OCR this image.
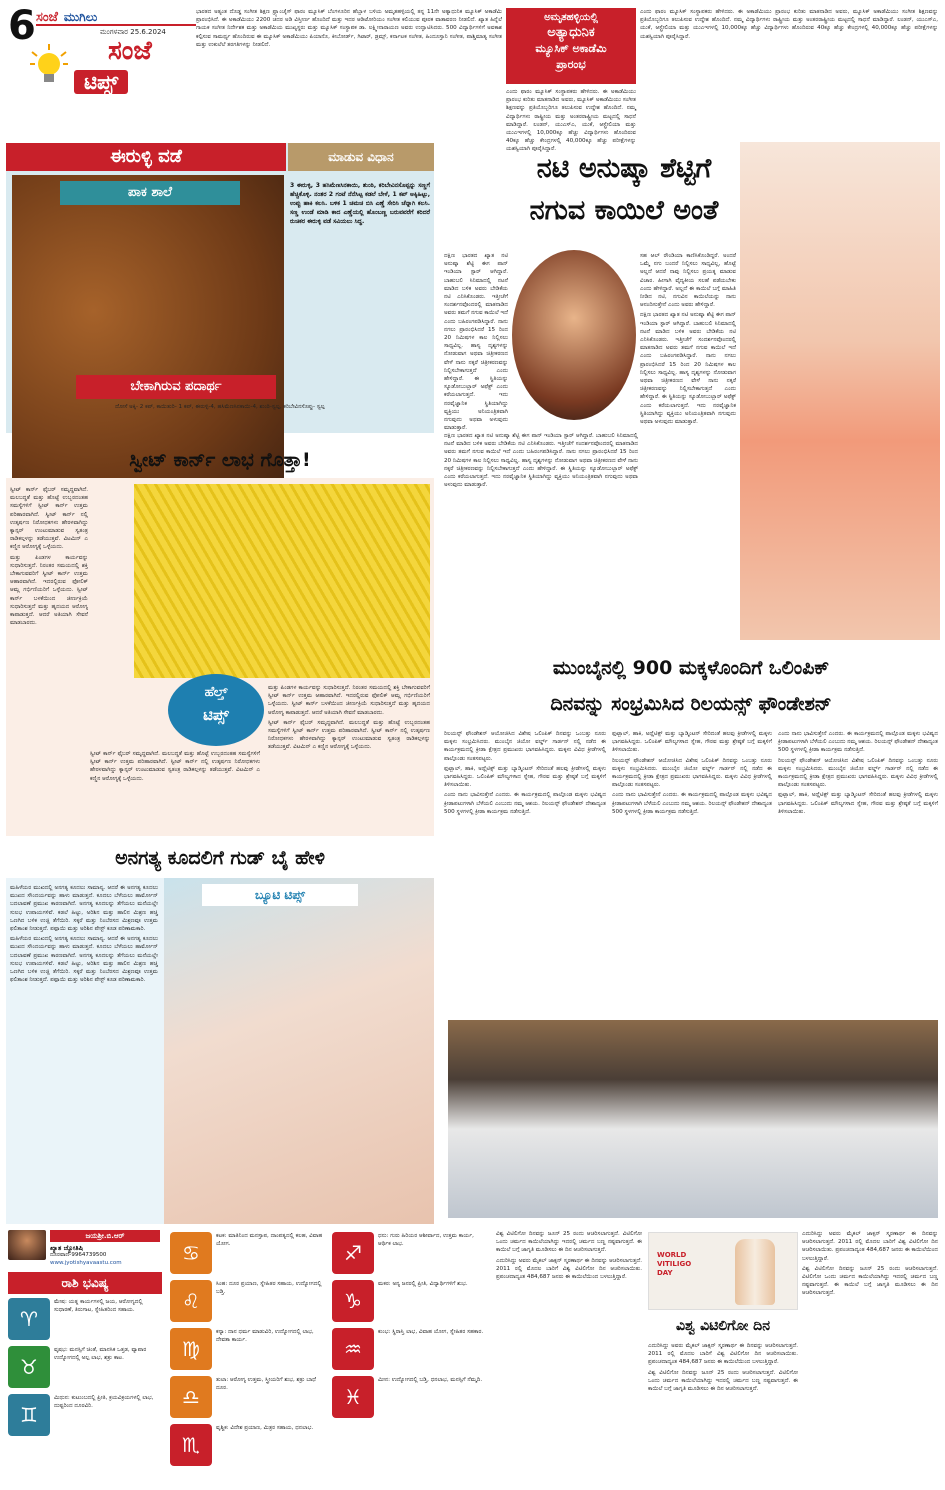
6 ಸಂಜೆ ಮುಗಿಲು
ಮಂಗಳವಾರ 25.6.2024
ಸಂಜೆ
ಟಿಪ್ಸ್

ಭಾರತದ ಅತ್ಯಂತ ದೊಡ್ಡ ಸಂಗೀತ ಶಿಕ್ಷಣ ಫ್ರ್ಯಾಂಚೈಸ್ ಫಾರಂ ಮ್ಯೂಸಿಕ್ ಬೆಂಗಳೂರಿನ ಹೆಬ್ಬಾಳ ಬಳಿಯ ಅಮೃತಹಳ್ಳಿಯಲ್ಲಿ ತನ್ನ 11ನೇ ಅತ್ಯಾಧುನಿಕ ಮ್ಯೂಸಿಕ್ ಅಕಾಡೆಮಿ ಪ್ರಾರಂಭಿಸಿದೆ. ಈ ಅಕಾಡೆಮಿಯು 2200 ಚದರ ಅಡಿ ವಿಸ್ತೀರ್ಣ ಹೊಂದಿದೆ ಮತ್ತು ಇದರ ಆಡಿಟೋರಿಯಂ ಸಂಗೀತ ಕಲಿಯುವ ಪೂರಕ ವಾತಾವರಣ ನೀಡಲಿದೆ. ಖ್ಯಾತ ಹಿನ್ನೆಲೆ ಗಾಯಕ ಸಂಗೀತ ನಿರ್ದೇಶಕ ಮತ್ತು ಅಕಾಡೆಮಿಯ ಮುಖ್ಯಸ್ಥರು ಮತ್ತು ಮ್ಯೂಸಿಕ್ ಸಂಸ್ಥಾಪಕ ಡಾ. ಲಕ್ಷ್ಮೀನಾರಾಯಣ ಅವರು ಉದ್ಘಾಟಿಸಿದರು. 500 ವಿದ್ಯಾರ್ಥಿಗಳಿಗೆ ಅವಕಾಶ ಕಲ್ಪಿಸುವ ಸಾಮರ್ಥ್ಯ ಹೊಂದಿರುವ ಈ ಮ್ಯೂಸಿಕ್ ಅಕಾಡೆಮಿಯು ಪಿಯಾನೊ, ಕೀಬೋರ್ಡ್, ಗಿಟಾರ್, ಡ್ರಮ್ಸ್, ಕರ್ನಾಟಕ ಸಂಗೀತ, ಹಿಂದೂಸ್ತಾನಿ ಸಂಗೀತ, ಪಾಶ್ಚಿಮಾತ್ಯ ಸಂಗೀತ ಮತ್ತು ಉಕುಲೆಲೆ ತರಗತಿಗಳನ್ನು ನೀಡಲಿದೆ.

ಅಮೃತಹಳ್ಳಿಯಲ್ಲಿ
ಅತ್ಯಾಧುನಿಕ
ಮ್ಯೂಸಿಕ್ ಅಕಾಡೆಮಿ
ಪ್ರಾರಂಭ

ಎಂದು ಫಾರಂ ಮ್ಯೂಸಿಕ್ ಸಂಸ್ಥಾಪಕರು ಹೇಳಿದರು. ಈ ಅಕಾಡೆಮಿಯು ಪ್ರಾರಂಭ ಕುರಿತು ಮಾತನಾಡಿದ ಅವರು, ಮ್ಯೂಸಿಕ್ ಅಕಾಡೆಮಿಯು ಸಂಗೀತ ಶಿಕ್ಷಣವನ್ನು ಪ್ರತಿಯೊಬ್ಬರಿಗೂ ತಲುಪಿಸುವ ಉದ್ದೇಶ ಹೊಂದಿದೆ. ನಮ್ಮ ವಿದ್ಯಾರ್ಥಿಗಳು ರಾಷ್ಟ್ರೀಯ ಮತ್ತು ಅಂತರರಾಷ್ಟ್ರೀಯ ಮಟ್ಟದಲ್ಲಿ ಸಾಧನೆ ಮಾಡಿದ್ದಾರೆ. ಲಂಡನ್, ಯುಎಸ್ಎ, ಯುಕೆ, ಆಸ್ಟ್ರೇಲಿಯಾ ಮತ್ತು ಯುಎಇಗಳಲ್ಲಿ 10,000ಕ್ಕೂ ಹೆಚ್ಚು ವಿದ್ಯಾರ್ಥಿಗಳು ಹೊಂದಿರುವ 40ಕ್ಕೂ ಹೆಚ್ಚು ಕೇಂದ್ರಗಳಲ್ಲಿ 40,000ಕ್ಕೂ ಹೆಚ್ಚು ಪರೀಕ್ಷೆಗಳನ್ನು ಯಶಸ್ವಿಯಾಗಿ ಪೂರೈಸಿದ್ದಾರೆ.

ಎಂದು ಫಾರಂ ಮ್ಯೂಸಿಕ್ ಸಂಸ್ಥಾಪಕರು ಹೇಳಿದರು. ಈ ಅಕಾಡೆಮಿಯು ಪ್ರಾರಂಭ ಕುರಿತು ಮಾತನಾಡಿದ ಅವರು, ಮ್ಯೂಸಿಕ್ ಅಕಾಡೆಮಿಯು ಸಂಗೀತ ಶಿಕ್ಷಣವನ್ನು ಪ್ರತಿಯೊಬ್ಬರಿಗೂ ತಲುಪಿಸುವ ಉದ್ದೇಶ ಹೊಂದಿದೆ. ನಮ್ಮ ವಿದ್ಯಾರ್ಥಿಗಳು ರಾಷ್ಟ್ರೀಯ ಮತ್ತು ಅಂತರರಾಷ್ಟ್ರೀಯ ಮಟ್ಟದಲ್ಲಿ ಸಾಧನೆ ಮಾಡಿದ್ದಾರೆ. ಲಂಡನ್, ಯುಎಸ್ಎ, ಯುಕೆ, ಆಸ್ಟ್ರೇಲಿಯಾ ಮತ್ತು ಯುಎಇಗಳಲ್ಲಿ 10,000ಕ್ಕೂ ಹೆಚ್ಚು ವಿದ್ಯಾರ್ಥಿಗಳು ಹೊಂದಿರುವ 40ಕ್ಕೂ ಹೆಚ್ಚು ಕೇಂದ್ರಗಳಲ್ಲಿ 40,000ಕ್ಕೂ ಹೆಚ್ಚು ಪರೀಕ್ಷೆಗಳನ್ನು ಯಶಸ್ವಿಯಾಗಿ ಪೂರೈಸಿದ್ದಾರೆ.

ಈರುಳ್ಳಿ ವಡೆ	ಮಾಡುವ ವಿಧಾನ
ಪಾಕ ಶಾಲೆ	3 ಈರುಳ್ಳಿ, 3 ಹಸಿಮೆಣಸಿನಕಾಯಿ, ಶುಂಠಿ, ಕರಿಬೇವಿನಸೊಪ್ಪನ್ನು ಸಣ್ಣಗೆ ಹೆಚ್ಚಿಕೊಳ್ಳಿ. ನಂತರ 2 ಗಂಟೆ ನೆನೆಸಿಟ್ಟ ಕಡಲೆ ಬೇಳೆ, 1 ಕಪ್ ಅಕ್ಕಿಹಿಟ್ಟು, ಉಪ್ಪು ಹಾಕಿ ಕಲಸಿ. ಬಳಿಕ 1 ಚಮಚ ಬಿಸಿ ಎಣ್ಣೆ ಸೇರಿಸಿ ಚೆನ್ನಾಗಿ ಕಲಸಿ. ಸಣ್ಣ ಉಂಡೆ ಮಾಡಿ ಕಾದ ಎಣ್ಣೆಯಲ್ಲಿ ಹೊಂಬಣ್ಣ ಬರುವವರೆಗೆ ಕರಿದರೆ ರುಚಿಕರ ಈರುಳ್ಳಿ ವಡೆ ಸವಿಯಲು ಸಿದ್ಧ.

ಬೇಕಾಗಿರುವ ಪದಾರ್ಥ

ದೋಸೆ ಅಕ್ಕಿ- 2 ಕಪ್, ಕಾಯಿತುರಿ- 1 ಕಪ್, ಈರುಳ್ಳಿ-4, ಹಸಿಮೆಣಸಿನಕಾಯಿ-4, ಶುಂಠಿ-ಸ್ವಲ್ಪ, ಕರಿಬೇವಿನಸೊಪ್ಪು- ಸ್ವಲ್ಪ

ನಟಿ ಅನುಷ್ಕಾ ಶೆಟ್ಟಿಗೆ
ನಗುವ ಕಾಯಿಲೆ ಅಂತೆ

ದಕ್ಷಿಣ ಭಾರತದ ಖ್ಯಾತ ನಟಿ ಅನುಷ್ಕಾ ಶೆಟ್ಟಿ ಈಗ ಪಾನ್ ಇಂಡಿಯಾ ಸ್ಟಾರ್ ಆಗಿದ್ದಾರೆ. ಬಾಹುಬಲಿ ಸಿನಿಮಾದಲ್ಲಿ ನಟನೆ ಮಾಡಿದ ಬಳಿಕ ಅವರು ಬೇಡಿಕೆಯ ನಟಿ ಎನಿಸಿಕೊಂಡರು. ಇತ್ತೀಚೆಗೆ ಸಂದರ್ಶನವೊಂದರಲ್ಲಿ ಮಾತನಾಡಿದ ಅವರು ತಮಗೆ ನಗುವ ಕಾಯಿಲೆ ಇದೆ ಎಂದು ಬಹಿರಂಗಪಡಿಸಿದ್ದಾರೆ. ನಾನು ನಗಲು ಪ್ರಾರಂಭಿಸಿದರೆ 15 ರಿಂದ 20 ನಿಮಿಷಗಳ ಕಾಲ ನಿಲ್ಲಿಸಲು ಸಾಧ್ಯವಿಲ್ಲ. ಹಾಸ್ಯ ದೃಶ್ಯಗಳನ್ನು ನೋಡುವಾಗ ಅಥವಾ ಚಿತ್ರೀಕರಣದ ವೇಳೆ ನಾನು ನಕ್ಕರೆ ಚಿತ್ರೀಕರಣವನ್ನು ನಿಲ್ಲಿಸಬೇಕಾಗುತ್ತದೆ ಎಂದು ಹೇಳಿದ್ದಾರೆ. ಈ ಸ್ಥಿತಿಯನ್ನು ಸ್ಯೂಡೋಬುಲ್ಬಾರ್ ಅಫೆಕ್ಟ್ ಎಂದು ಕರೆಯಲಾಗುತ್ತದೆ. ಇದು ನರವೈಜ್ಞಾನಿಕ ಸ್ಥಿತಿಯಾಗಿದ್ದು ವ್ಯಕ್ತಿಯು ಅನಿಯಂತ್ರಿತವಾಗಿ ನಗುವುದು ಅಥವಾ ಅಳುವುದು ಮಾಡುತ್ತಾರೆ.

ದಕ್ಷಿಣ ಭಾರತದ ಖ್ಯಾತ ನಟಿ ಅನುಷ್ಕಾ ಶೆಟ್ಟಿ ಈಗ ಪಾನ್ ಇಂಡಿಯಾ ಸ್ಟಾರ್ ಆಗಿದ್ದಾರೆ. ಬಾಹುಬಲಿ ಸಿನಿಮಾದಲ್ಲಿ ನಟನೆ ಮಾಡಿದ ಬಳಿಕ ಅವರು ಬೇಡಿಕೆಯ ನಟಿ ಎನಿಸಿಕೊಂಡರು. ಇತ್ತೀಚೆಗೆ ಸಂದರ್ಶನವೊಂದರಲ್ಲಿ ಮಾತನಾಡಿದ ಅವರು ತಮಗೆ ನಗುವ ಕಾಯಿಲೆ ಇದೆ ಎಂದು ಬಹಿರಂಗಪಡಿಸಿದ್ದಾರೆ. ನಾನು ನಗಲು ಪ್ರಾರಂಭಿಸಿದರೆ 15 ರಿಂದ 20 ನಿಮಿಷಗಳ ಕಾಲ ನಿಲ್ಲಿಸಲು ಸಾಧ್ಯವಿಲ್ಲ. ಹಾಸ್ಯ ದೃಶ್ಯಗಳನ್ನು ನೋಡುವಾಗ ಅಥವಾ ಚಿತ್ರೀಕರಣದ ವೇಳೆ ನಾನು ನಕ್ಕರೆ ಚಿತ್ರೀಕರಣವನ್ನು ನಿಲ್ಲಿಸಬೇಕಾಗುತ್ತದೆ ಎಂದು ಹೇಳಿದ್ದಾರೆ. ಈ ಸ್ಥಿತಿಯನ್ನು ಸ್ಯೂಡೋಬುಲ್ಬಾರ್ ಅಫೆಕ್ಟ್ ಎಂದು ಕರೆಯಲಾಗುತ್ತದೆ. ಇದು ನರವೈಜ್ಞಾನಿಕ ಸ್ಥಿತಿಯಾಗಿದ್ದು ವ್ಯಕ್ತಿಯು ಅನಿಯಂತ್ರಿತವಾಗಿ ನಗುವುದು ಅಥವಾ ಅಳುವುದು ಮಾಡುತ್ತಾರೆ.

ಸಹ ಆಲ್ ರೌಂಡಿಯಾ ಕಾಣಿಸಿಕೊಂಡಿದ್ದರೆ. ಅಂದರೆ ಒಮ್ಮೆ ನಗು ಬಂದರೆ ನಿಲ್ಲಿಸಲು ಸಾಧ್ಯವಿಲ್ಲ, ಹೊಟ್ಟೆ ಅಲ್ಲದೆ ಆದರೆ ನಾವು ನಿಲ್ಲಿಸಲು ಪ್ರಯತ್ನ ಮಾಡುವ ವಿಚಾರ. ಹೀಗಾಗಿ ವೈದ್ಯಕೀಯ ಸಲಹೆ ಪಡೆಯಬೇಕು ಎಂದು ಹೇಳಿದ್ದಾರೆ. ಅಲ್ಲದೆ ಈ ಕಾಯಿಲೆ ಬಗ್ಗೆ ಮಾಹಿತಿ ನೀಡಿದ ನಟಿ, ನಗುವಿನ ಕಾಯಿಲೆಯನ್ನು ನಾನು ಆನಂದಿಸುತ್ತೇನೆ ಎಂದು ಅವರು ಹೇಳಿದ್ದಾರೆ.

ದಕ್ಷಿಣ ಭಾರತದ ಖ್ಯಾತ ನಟಿ ಅನುಷ್ಕಾ ಶೆಟ್ಟಿ ಈಗ ಪಾನ್ ಇಂಡಿಯಾ ಸ್ಟಾರ್ ಆಗಿದ್ದಾರೆ. ಬಾಹುಬಲಿ ಸಿನಿಮಾದಲ್ಲಿ ನಟನೆ ಮಾಡಿದ ಬಳಿಕ ಅವರು ಬೇಡಿಕೆಯ ನಟಿ ಎನಿಸಿಕೊಂಡರು. ಇತ್ತೀಚೆಗೆ ಸಂದರ್ಶನವೊಂದರಲ್ಲಿ ಮಾತನಾಡಿದ ಅವರು ತಮಗೆ ನಗುವ ಕಾಯಿಲೆ ಇದೆ ಎಂದು ಬಹಿರಂಗಪಡಿಸಿದ್ದಾರೆ. ನಾನು ನಗಲು ಪ್ರಾರಂಭಿಸಿದರೆ 15 ರಿಂದ 20 ನಿಮಿಷಗಳ ಕಾಲ ನಿಲ್ಲಿಸಲು ಸಾಧ್ಯವಿಲ್ಲ. ಹಾಸ್ಯ ದೃಶ್ಯಗಳನ್ನು ನೋಡುವಾಗ ಅಥವಾ ಚಿತ್ರೀಕರಣದ ವೇಳೆ ನಾನು ನಕ್ಕರೆ ಚಿತ್ರೀಕರಣವನ್ನು ನಿಲ್ಲಿಸಬೇಕಾಗುತ್ತದೆ ಎಂದು ಹೇಳಿದ್ದಾರೆ. ಈ ಸ್ಥಿತಿಯನ್ನು ಸ್ಯೂಡೋಬುಲ್ಬಾರ್ ಅಫೆಕ್ಟ್ ಎಂದು ಕರೆಯಲಾಗುತ್ತದೆ. ಇದು ನರವೈಜ್ಞಾನಿಕ ಸ್ಥಿತಿಯಾಗಿದ್ದು ವ್ಯಕ್ತಿಯು ಅನಿಯಂತ್ರಿತವಾಗಿ ನಗುವುದು ಅಥವಾ ಅಳುವುದು ಮಾಡುತ್ತಾರೆ.

ಸ್ವೀಟ್ ಕಾರ್ನ್ ಲಾಭ ಗೊತ್ತಾ!

ಸ್ವೀಟ್ ಕಾರ್ನ್ ಫೈಬರ್ ಸಮೃದ್ಧವಾಗಿದೆ. ಮಲಬದ್ಧತೆ ಮತ್ತು ಹೊಟ್ಟೆ ಉಬ್ಬರದಂತಹ ಸಮಸ್ಯೆಗಳಿಗೆ ಸ್ವೀಟ್ ಕಾರ್ನ್ ಉತ್ತಮ ಪರಿಹಾರವಾಗಿದೆ. ಸ್ವೀಟ್ ಕಾರ್ನ್ ನಲ್ಲಿ ಉತ್ಕರ್ಷಣ ನಿರೋಧಕಗಳು ಹೇರಳವಾಗಿದ್ದು ಕ್ಯಾನ್ಸರ್ ಉಂಟುಮಾಡುವ ಸ್ವತಂತ್ರ ರಾಡಿಕಲ್ಗಳನ್ನು ತಡೆಯುತ್ತವೆ. ವಿಟಮಿನ್ ಎ ಕಣ್ಣಿನ ಆರೋಗ್ಯಕ್ಕೆ ಒಳ್ಳೆಯದು.

ಮತ್ತು ಪಿಂಡಗಳ ಕಾರ್ಯವನ್ನು ಸುಧಾರಿಸುತ್ತದೆ. ನಿರಂತರ ಸಮಯದಲ್ಲಿ ಶಕ್ತಿ ಬೇಕಾಗುವವರಿಗೆ ಸ್ವೀಟ್ ಕಾರ್ನ್ ಉತ್ತಮ ಆಹಾರವಾಗಿದೆ. ಇದರಲ್ಲಿರುವ ಫೋಲಿಕ್ ಆಮ್ಲ ಗರ್ಭಿಣಿಯರಿಗೆ ಒಳ್ಳೆಯದು. ಸ್ವೀಟ್ ಕಾರ್ನ್ ಬಳಕೆಯಿಂದ ಜೀರ್ಣಕ್ರಿಯೆ ಸುಧಾರಿಸುತ್ತದೆ ಮತ್ತು ಹೃದಯದ ಆರೋಗ್ಯ ಕಾಪಾಡುತ್ತದೆ. ಆದರೆ ಅತಿಯಾಗಿ ಸೇವನೆ ಮಾಡಬಾರದು.

ಹೆಲ್ತ್
ಟಿಪ್ಸ್

ಸ್ವೀಟ್ ಕಾರ್ನ್ ಫೈಬರ್ ಸಮೃದ್ಧವಾಗಿದೆ. ಮಲಬದ್ಧತೆ ಮತ್ತು ಹೊಟ್ಟೆ ಉಬ್ಬರದಂತಹ ಸಮಸ್ಯೆಗಳಿಗೆ ಸ್ವೀಟ್ ಕಾರ್ನ್ ಉತ್ತಮ ಪರಿಹಾರವಾಗಿದೆ. ಸ್ವೀಟ್ ಕಾರ್ನ್ ನಲ್ಲಿ ಉತ್ಕರ್ಷಣ ನಿರೋಧಕಗಳು ಹೇರಳವಾಗಿದ್ದು ಕ್ಯಾನ್ಸರ್ ಉಂಟುಮಾಡುವ ಸ್ವತಂತ್ರ ರಾಡಿಕಲ್ಗಳನ್ನು ತಡೆಯುತ್ತವೆ. ವಿಟಮಿನ್ ಎ ಕಣ್ಣಿನ ಆರೋಗ್ಯಕ್ಕೆ ಒಳ್ಳೆಯದು.

ಮತ್ತು ಪಿಂಡಗಳ ಕಾರ್ಯವನ್ನು ಸುಧಾರಿಸುತ್ತದೆ. ನಿರಂತರ ಸಮಯದಲ್ಲಿ ಶಕ್ತಿ ಬೇಕಾಗುವವರಿಗೆ ಸ್ವೀಟ್ ಕಾರ್ನ್ ಉತ್ತಮ ಆಹಾರವಾಗಿದೆ. ಇದರಲ್ಲಿರುವ ಫೋಲಿಕ್ ಆಮ್ಲ ಗರ್ಭಿಣಿಯರಿಗೆ ಒಳ್ಳೆಯದು. ಸ್ವೀಟ್ ಕಾರ್ನ್ ಬಳಕೆಯಿಂದ ಜೀರ್ಣಕ್ರಿಯೆ ಸುಧಾರಿಸುತ್ತದೆ ಮತ್ತು ಹೃದಯದ ಆರೋಗ್ಯ ಕಾಪಾಡುತ್ತದೆ. ಆದರೆ ಅತಿಯಾಗಿ ಸೇವನೆ ಮಾಡಬಾರದು.

ಸ್ವೀಟ್ ಕಾರ್ನ್ ಫೈಬರ್ ಸಮೃದ್ಧವಾಗಿದೆ. ಮಲಬದ್ಧತೆ ಮತ್ತು ಹೊಟ್ಟೆ ಉಬ್ಬರದಂತಹ ಸಮಸ್ಯೆಗಳಿಗೆ ಸ್ವೀಟ್ ಕಾರ್ನ್ ಉತ್ತಮ ಪರಿಹಾರವಾಗಿದೆ. ಸ್ವೀಟ್ ಕಾರ್ನ್ ನಲ್ಲಿ ಉತ್ಕರ್ಷಣ ನಿರೋಧಕಗಳು ಹೇರಳವಾಗಿದ್ದು ಕ್ಯಾನ್ಸರ್ ಉಂಟುಮಾಡುವ ಸ್ವತಂತ್ರ ರಾಡಿಕಲ್ಗಳನ್ನು ತಡೆಯುತ್ತವೆ. ವಿಟಮಿನ್ ಎ ಕಣ್ಣಿನ ಆರೋಗ್ಯಕ್ಕೆ ಒಳ್ಳೆಯದು.

ಮುಂಬೈನಲ್ಲಿ 900 ಮಕ್ಕಳೊಂದಿಗೆ ಒಲಿಂಪಿಕ್
ದಿನವನ್ನು ಸಂಭ್ರಮಿಸಿದ ರಿಲಯನ್ಸ್ ಫೌಂಡೇಶನ್

ರಿಲಯನ್ಸ್ ಫೌಂಡೇಶನ್ ಆಯೋಜಿಸಿದ ವಿಶೇಷ ಒಲಿಂಪಿಕ್ ದಿನವನ್ನು ಒಂಬತ್ತು ನೂರು ಮಕ್ಕಳು ಸಂಭ್ರಮಿಸಿದರು. ಮುಂಬೈನ ಜಿಯೋ ವರ್ಲ್ಡ್ ಗಾರ್ಡನ್ ನಲ್ಲಿ ನಡೆದ ಈ ಕಾರ್ಯಕ್ರಮದಲ್ಲಿ ಕ್ರೀಡಾ ಕ್ಷೇತ್ರದ ಪ್ರಮುಖರು ಭಾಗವಹಿಸಿದ್ದರು. ಮಕ್ಕಳು ವಿವಿಧ ಕ್ರೀಡೆಗಳಲ್ಲಿ ಪಾಲ್ಗೊಂಡು ಸಂತಸಪಟ್ಟರು.

ಫುಟ್ಬಾಲ್, ಹಾಕಿ, ಅಥ್ಲೆಟಿಕ್ಸ್ ಮತ್ತು ಬ್ಯಾಡ್ಮಿಂಟನ್ ಸೇರಿದಂತೆ ಹಲವು ಕ್ರೀಡೆಗಳಲ್ಲಿ ಮಕ್ಕಳು ಭಾಗವಹಿಸಿದ್ದರು. ಒಲಿಂಪಿಕ್ ಮೌಲ್ಯಗಳಾದ ಸ್ನೇಹ, ಗೌರವ ಮತ್ತು ಶ್ರೇಷ್ಠತೆ ಬಗ್ಗೆ ಮಕ್ಕಳಿಗೆ ತಿಳಿಸಲಾಯಿತು.

ಎಂದು ನಾನು ಭಾವಿಸುತ್ತೇನೆ ಎಂದರು. ಈ ಕಾರ್ಯಕ್ರಮದಲ್ಲಿ ಪಾಲ್ಗೊಂಡ ಮಕ್ಕಳು ಭವಿಷ್ಯದ ಕ್ರೀಡಾಪಟುಗಳಾಗಿ ಬೆಳೆಯಲಿ ಎಂಬುದು ನಮ್ಮ ಆಶಯ. ರಿಲಯನ್ಸ್ ಫೌಂಡೇಶನ್ ದೇಶಾದ್ಯಂತ 500 ಸ್ಥಳಗಳಲ್ಲಿ ಕ್ರೀಡಾ ಕಾರ್ಯಕ್ರಮ ನಡೆಸುತ್ತಿದೆ.

ಫುಟ್ಬಾಲ್, ಹಾಕಿ, ಅಥ್ಲೆಟಿಕ್ಸ್ ಮತ್ತು ಬ್ಯಾಡ್ಮಿಂಟನ್ ಸೇರಿದಂತೆ ಹಲವು ಕ್ರೀಡೆಗಳಲ್ಲಿ ಮಕ್ಕಳು ಭಾಗವಹಿಸಿದ್ದರು. ಒಲಿಂಪಿಕ್ ಮೌಲ್ಯಗಳಾದ ಸ್ನೇಹ, ಗೌರವ ಮತ್ತು ಶ್ರೇಷ್ಠತೆ ಬಗ್ಗೆ ಮಕ್ಕಳಿಗೆ ತಿಳಿಸಲಾಯಿತು.

ರಿಲಯನ್ಸ್ ಫೌಂಡೇಶನ್ ಆಯೋಜಿಸಿದ ವಿಶೇಷ ಒಲಿಂಪಿಕ್ ದಿನವನ್ನು ಒಂಬತ್ತು ನೂರು ಮಕ್ಕಳು ಸಂಭ್ರಮಿಸಿದರು. ಮುಂಬೈನ ಜಿಯೋ ವರ್ಲ್ಡ್ ಗಾರ್ಡನ್ ನಲ್ಲಿ ನಡೆದ ಈ ಕಾರ್ಯಕ್ರಮದಲ್ಲಿ ಕ್ರೀಡಾ ಕ್ಷೇತ್ರದ ಪ್ರಮುಖರು ಭಾಗವಹಿಸಿದ್ದರು. ಮಕ್ಕಳು ವಿವಿಧ ಕ್ರೀಡೆಗಳಲ್ಲಿ ಪಾಲ್ಗೊಂಡು ಸಂತಸಪಟ್ಟರು.

ಎಂದು ನಾನು ಭಾವಿಸುತ್ತೇನೆ ಎಂದರು. ಈ ಕಾರ್ಯಕ್ರಮದಲ್ಲಿ ಪಾಲ್ಗೊಂಡ ಮಕ್ಕಳು ಭವಿಷ್ಯದ ಕ್ರೀಡಾಪಟುಗಳಾಗಿ ಬೆಳೆಯಲಿ ಎಂಬುದು ನಮ್ಮ ಆಶಯ. ರಿಲಯನ್ಸ್ ಫೌಂಡೇಶನ್ ದೇಶಾದ್ಯಂತ 500 ಸ್ಥಳಗಳಲ್ಲಿ ಕ್ರೀಡಾ ಕಾರ್ಯಕ್ರಮ ನಡೆಸುತ್ತಿದೆ.

ಎಂದು ನಾನು ಭಾವಿಸುತ್ತೇನೆ ಎಂದರು. ಈ ಕಾರ್ಯಕ್ರಮದಲ್ಲಿ ಪಾಲ್ಗೊಂಡ ಮಕ್ಕಳು ಭವಿಷ್ಯದ ಕ್ರೀಡಾಪಟುಗಳಾಗಿ ಬೆಳೆಯಲಿ ಎಂಬುದು ನಮ್ಮ ಆಶಯ. ರಿಲಯನ್ಸ್ ಫೌಂಡೇಶನ್ ದೇಶಾದ್ಯಂತ 500 ಸ್ಥಳಗಳಲ್ಲಿ ಕ್ರೀಡಾ ಕಾರ್ಯಕ್ರಮ ನಡೆಸುತ್ತಿದೆ.

ರಿಲಯನ್ಸ್ ಫೌಂಡೇಶನ್ ಆಯೋಜಿಸಿದ ವಿಶೇಷ ಒಲಿಂಪಿಕ್ ದಿನವನ್ನು ಒಂಬತ್ತು ನೂರು ಮಕ್ಕಳು ಸಂಭ್ರಮಿಸಿದರು. ಮುಂಬೈನ ಜಿಯೋ ವರ್ಲ್ಡ್ ಗಾರ್ಡನ್ ನಲ್ಲಿ ನಡೆದ ಈ ಕಾರ್ಯಕ್ರಮದಲ್ಲಿ ಕ್ರೀಡಾ ಕ್ಷೇತ್ರದ ಪ್ರಮುಖರು ಭಾಗವಹಿಸಿದ್ದರು. ಮಕ್ಕಳು ವಿವಿಧ ಕ್ರೀಡೆಗಳಲ್ಲಿ ಪಾಲ್ಗೊಂಡು ಸಂತಸಪಟ್ಟರು.

ಫುಟ್ಬಾಲ್, ಹಾಕಿ, ಅಥ್ಲೆಟಿಕ್ಸ್ ಮತ್ತು ಬ್ಯಾಡ್ಮಿಂಟನ್ ಸೇರಿದಂತೆ ಹಲವು ಕ್ರೀಡೆಗಳಲ್ಲಿ ಮಕ್ಕಳು ಭಾಗವಹಿಸಿದ್ದರು. ಒಲಿಂಪಿಕ್ ಮೌಲ್ಯಗಳಾದ ಸ್ನೇಹ, ಗೌರವ ಮತ್ತು ಶ್ರೇಷ್ಠತೆ ಬಗ್ಗೆ ಮಕ್ಕಳಿಗೆ ತಿಳಿಸಲಾಯಿತು.

ಅನಗತ್ಯ ಕೂದಲಿಗೆ ಗುಡ್ ಬೈ ಹೇಳಿ

ಮಹಿಳೆಯರ ಮುಖದಲ್ಲಿ ಅನಗತ್ಯ ಕೂದಲು ಸಾಮಾನ್ಯ. ಆದರೆ ಈ ಅನಗತ್ಯ ಕೂದಲು ಮುಖದ ಸೌಂದರ್ಯವನ್ನು ಹಾಳು ಮಾಡುತ್ತದೆ. ಕೂದಲು ಬೆಳೆಯಲು ಹಾರ್ಮೋನ್ ಬದಲಾವಣೆ ಪ್ರಮುಖ ಕಾರಣವಾಗಿದೆ. ಅನಗತ್ಯ ಕೂದಲನ್ನು ತೆಗೆಯಲು ಮನೆಯಲ್ಲೇ ಸುಲಭ ಉಪಾಯಗಳಿವೆ. ಕಡಲೆ ಹಿಟ್ಟು, ಅರಿಶಿನ ಮತ್ತು ಹಾಲಿನ ಮಿಶ್ರಣ ಹಚ್ಚಿ ಒಣಗಿದ ಬಳಿಕ ಉಜ್ಜಿ ತೆಗೆಯಿರಿ. ಸಕ್ಕರೆ ಮತ್ತು ನಿಂಬೆರಸದ ಮಿಶ್ರಣವೂ ಉತ್ತಮ ಫಲಿತಾಂಶ ನೀಡುತ್ತದೆ. ಪಪ್ಪಾಯಿ ಮತ್ತು ಅರಿಶಿನ ಪೇಸ್ಟ್ ಕೂಡ ಪರಿಣಾಮಕಾರಿ.

ಮಹಿಳೆಯರ ಮುಖದಲ್ಲಿ ಅನಗತ್ಯ ಕೂದಲು ಸಾಮಾನ್ಯ. ಆದರೆ ಈ ಅನಗತ್ಯ ಕೂದಲು ಮುಖದ ಸೌಂದರ್ಯವನ್ನು ಹಾಳು ಮಾಡುತ್ತದೆ. ಕೂದಲು ಬೆಳೆಯಲು ಹಾರ್ಮೋನ್ ಬದಲಾವಣೆ ಪ್ರಮುಖ ಕಾರಣವಾಗಿದೆ. ಅನಗತ್ಯ ಕೂದಲನ್ನು ತೆಗೆಯಲು ಮನೆಯಲ್ಲೇ ಸುಲಭ ಉಪಾಯಗಳಿವೆ. ಕಡಲೆ ಹಿಟ್ಟು, ಅರಿಶಿನ ಮತ್ತು ಹಾಲಿನ ಮಿಶ್ರಣ ಹಚ್ಚಿ ಒಣಗಿದ ಬಳಿಕ ಉಜ್ಜಿ ತೆಗೆಯಿರಿ. ಸಕ್ಕರೆ ಮತ್ತು ನಿಂಬೆರಸದ ಮಿಶ್ರಣವೂ ಉತ್ತಮ ಫಲಿತಾಂಶ ನೀಡುತ್ತದೆ. ಪಪ್ಪಾಯಿ ಮತ್ತು ಅರಿಶಿನ ಪೇಸ್ಟ್ ಕೂಡ ಪರಿಣಾಮಕಾರಿ.

ಬ್ಯೂಟಿ ಟಿಪ್ಸ್
ಜಯಶ್ರೀ.ಬಿ.ಆರ್
ಖ್ಯಾತ ಜ್ಯೋತಿಷಿ
ದೂರವಾಣಿ-9964739500
www.jyotishyavaastu.com
ರಾಶಿ ಭವಿಷ್ಯ
♈
ಮೇಷ: ಯತ್ನ ಕಾರ್ಯಗಳಲ್ಲಿ ಜಯ, ಆರೋಗ್ಯದಲ್ಲಿ ಸುಧಾರಣೆ, ತಿರುಗಾಟ, ಸ್ನೇಹಿತರಿಂದ ಸಹಾಯ.
♉
ವೃಷಭ: ಮನಸ್ಸಿಗೆ ಚಿಂತೆ, ಮಾನಸಿಕ ಒತ್ತಡ, ವ್ಯಾಪಾರ ಉದ್ಯೋಗದಲ್ಲಿ ಅಲ್ಪ ಲಾಭ, ಶತ್ರು ಕಾಟ.
♊
ಮಿಥುನ: ಕುಟುಂಬದಲ್ಲಿ ಪ್ರೀತಿ, ಕ್ರಯವಿಕ್ರಯಗಳಲ್ಲಿ ಲಾಭ, ದುಷ್ಟರಿಂದ ದೂರವಿರಿ.
♋
ಕಟಕ: ಮಾತಿನಿಂದ ಮನಸ್ತಾಪ, ದಾಂಪತ್ಯದಲ್ಲಿ ಕಲಹ, ವಿವಾಹ ಯೋಗ.
♌
ಸಿಂಹ: ದೂರ ಪ್ರಯಾಣ, ಸ್ನೇಹಿತರ ಸಹಾಯ, ಉದ್ಯೋಗದಲ್ಲಿ ಬಡ್ತಿ.
♍
ಕನ್ಯಾ: ದಾನ ಧರ್ಮ ಮಾಡುವಿರಿ, ಉದ್ಯೋಗದಲ್ಲಿ ಲಾಭ, ದೇವತಾ ಕಾರ್ಯ.
♎
ತುಲಾ: ಆರೋಗ್ಯ ಉತ್ತಮ, ಸ್ತ್ರೀಯರಿಗೆ ಶುಭ, ಶತ್ರು ಬಾಧೆ ದೂರ.
♏
ವೃಶ್ಚಿಕ: ವಿದೇಶ ಪ್ರಯಾಣ, ಮಿತ್ರರ ಸಹಾಯ, ಧನಲಾಭ.
♐
ಧನು: ಗುರು ಹಿರಿಯರ ಆಶೀರ್ವಾದ, ಉತ್ತಮ ಕಾರ್ಯ, ಆರ್ಥಿಕ ಲಾಭ.
♑
ಮಕರ: ಅನ್ಯ ಜನರಲ್ಲಿ ಪ್ರೀತಿ, ವಿದ್ಯಾರ್ಥಿಗಳಿಗೆ ಶುಭ.
♒
ಕುಂಭ: ಸ್ಥಿರಾಸ್ತಿ ಲಾಭ, ವಿವಾಹ ಯೋಗ, ಸ್ನೇಹಿತರ ಸಹಕಾರ.
♓
ಮೀನ: ಉದ್ಯೋಗದಲ್ಲಿ ಬಡ್ತಿ, ಧನಲಾಭ, ಮನಸ್ಸಿಗೆ ನೆಮ್ಮದಿ.

ವಿಶ್ವ ವಿಟಿಲಿಗೋ ದಿನವನ್ನು ಜೂನ್ 25 ರಂದು ಆಚರಿಸಲಾಗುತ್ತದೆ. ವಿಟಿಲಿಗೋ ಒಂದು ಚರ್ಮದ ಕಾಯಿಲೆಯಾಗಿದ್ದು ಇದರಲ್ಲಿ ಚರ್ಮದ ಬಣ್ಣ ನಷ್ಟವಾಗುತ್ತದೆ. ಈ ಕಾಯಿಲೆ ಬಗ್ಗೆ ಜಾಗೃತಿ ಮೂಡಿಸಲು ಈ ದಿನ ಆಚರಿಸಲಾಗುತ್ತದೆ.

ಎದುರಿಸಿದ್ದು ಅವರು ಮೈಕಲ್ ಜಾಕ್ಸನ್ ಸ್ಮರಣಾರ್ಥ ಈ ದಿನವನ್ನು ಆಚರಿಸಲಾಗುತ್ತದೆ. 2011 ರಲ್ಲಿ ಮೊದಲ ಬಾರಿಗೆ ವಿಶ್ವ ವಿಟಿಲಿಗೋ ದಿನ ಆಚರಿಸಲಾಯಿತು. ಪ್ರಪಂಚದಾದ್ಯಂತ 484,687 ಜನರು ಈ ಕಾಯಿಲೆಯಿಂದ ಬಳಲುತ್ತಿದ್ದಾರೆ.

WORLD
VITILIGO
DAY
ವಿಶ್ವ ವಿಟಿಲಿಗೋ ದಿನ

ಎದುರಿಸಿದ್ದು ಅವರು ಮೈಕಲ್ ಜಾಕ್ಸನ್ ಸ್ಮರಣಾರ್ಥ ಈ ದಿನವನ್ನು ಆಚರಿಸಲಾಗುತ್ತದೆ. 2011 ರಲ್ಲಿ ಮೊದಲ ಬಾರಿಗೆ ವಿಶ್ವ ವಿಟಿಲಿಗೋ ದಿನ ಆಚರಿಸಲಾಯಿತು. ಪ್ರಪಂಚದಾದ್ಯಂತ 484,687 ಜನರು ಈ ಕಾಯಿಲೆಯಿಂದ ಬಳಲುತ್ತಿದ್ದಾರೆ.

ವಿಶ್ವ ವಿಟಿಲಿಗೋ ದಿನವನ್ನು ಜೂನ್ 25 ರಂದು ಆಚರಿಸಲಾಗುತ್ತದೆ. ವಿಟಿಲಿಗೋ ಒಂದು ಚರ್ಮದ ಕಾಯಿಲೆಯಾಗಿದ್ದು ಇದರಲ್ಲಿ ಚರ್ಮದ ಬಣ್ಣ ನಷ್ಟವಾಗುತ್ತದೆ. ಈ ಕಾಯಿಲೆ ಬಗ್ಗೆ ಜಾಗೃತಿ ಮೂಡಿಸಲು ಈ ದಿನ ಆಚರಿಸಲಾಗುತ್ತದೆ.

ಎದುರಿಸಿದ್ದು ಅವರು ಮೈಕಲ್ ಜಾಕ್ಸನ್ ಸ್ಮರಣಾರ್ಥ ಈ ದಿನವನ್ನು ಆಚರಿಸಲಾಗುತ್ತದೆ. 2011 ರಲ್ಲಿ ಮೊದಲ ಬಾರಿಗೆ ವಿಶ್ವ ವಿಟಿಲಿಗೋ ದಿನ ಆಚರಿಸಲಾಯಿತು. ಪ್ರಪಂಚದಾದ್ಯಂತ 484,687 ಜನರು ಈ ಕಾಯಿಲೆಯಿಂದ ಬಳಲುತ್ತಿದ್ದಾರೆ.

ವಿಶ್ವ ವಿಟಿಲಿಗೋ ದಿನವನ್ನು ಜೂನ್ 25 ರಂದು ಆಚರಿಸಲಾಗುತ್ತದೆ. ವಿಟಿಲಿಗೋ ಒಂದು ಚರ್ಮದ ಕಾಯಿಲೆಯಾಗಿದ್ದು ಇದರಲ್ಲಿ ಚರ್ಮದ ಬಣ್ಣ ನಷ್ಟವಾಗುತ್ತದೆ. ಈ ಕಾಯಿಲೆ ಬಗ್ಗೆ ಜಾಗೃತಿ ಮೂಡಿಸಲು ಈ ದಿನ ಆಚರಿಸಲಾಗುತ್ತದೆ.
